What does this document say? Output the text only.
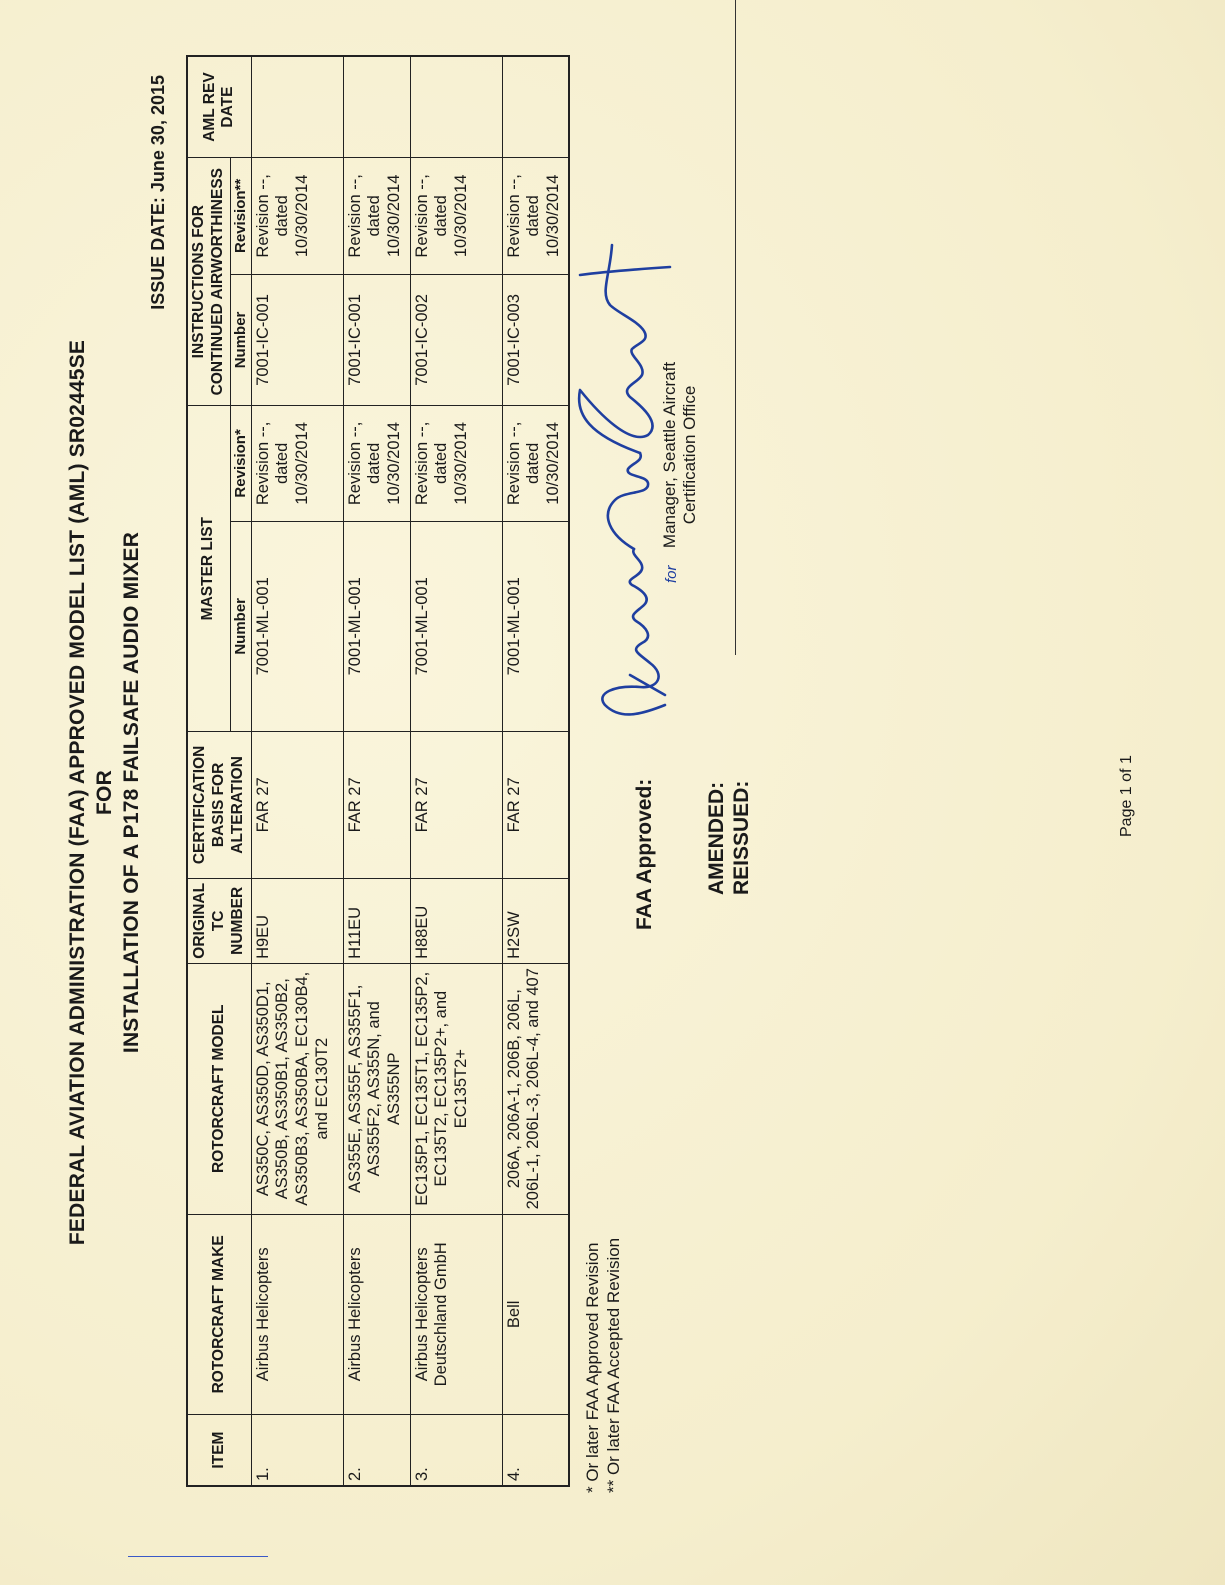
FEDERAL AVIATION ADMINISTRATION (FAA) APPROVED MODEL LIST (AML) SR02445SE FOR INSTALLATION OF A P178 FAILSAFE AUDIO MIXER
ISSUE DATE: June 30, 2015
ITEM	ROTORCRAFT MAKE	ROTORCRAFT MODEL	ORIGINAL TC NUMBER	CERTIFICATION BASIS FOR ALTERATION	MASTER LIST		INSTRUCTIONS FOR CONTINUED AIRWORTHINESS		AML REV DATE
					Number	Revision*	Number	Revision**	
1.	Airbus Helicopters	AS350C, AS350D, AS350D1, AS350B, AS350B1, AS350B2, AS350B3, AS350BA, EC130B4, and EC130T2	H9EU	FAR 27	7001-ML-001	Revision --, dated 10/30/2014	7001-IC-001	Revision --, dated 10/30/2014	
2.	Airbus Helicopters	AS355E, AS355F, AS355F1, AS355F2, AS355N, and AS355NP	H11EU	FAR 27	7001-ML-001	Revision --, dated 10/30/2014	7001-IC-001	Revision --, dated 10/30/2014	
3.	Airbus Helicopters Deutschland GmbH	EC135P1, EC135T1, EC135P2, EC135T2, EC135P2+, and EC135T2+	H88EU	FAR 27	7001-ML-001	Revision --, dated 10/30/2014	7001-IC-002	Revision --, dated 10/30/2014	
4.	Bell	206A, 206A-1, 206B, 206L, 206L-1, 206L-3, 206L-4, and 407	H2SW	FAR 27	7001-ML-001	Revision --, dated 10/30/2014	7001-IC-003	Revision --, dated 10/30/2014	
* Or later FAA Approved Revision ** Or later FAA Accepted Revision
FAA Approved:
for
Manager, Seattle Aircraft Certification Office
AMENDED: REISSUED:	Page 1 of 1
